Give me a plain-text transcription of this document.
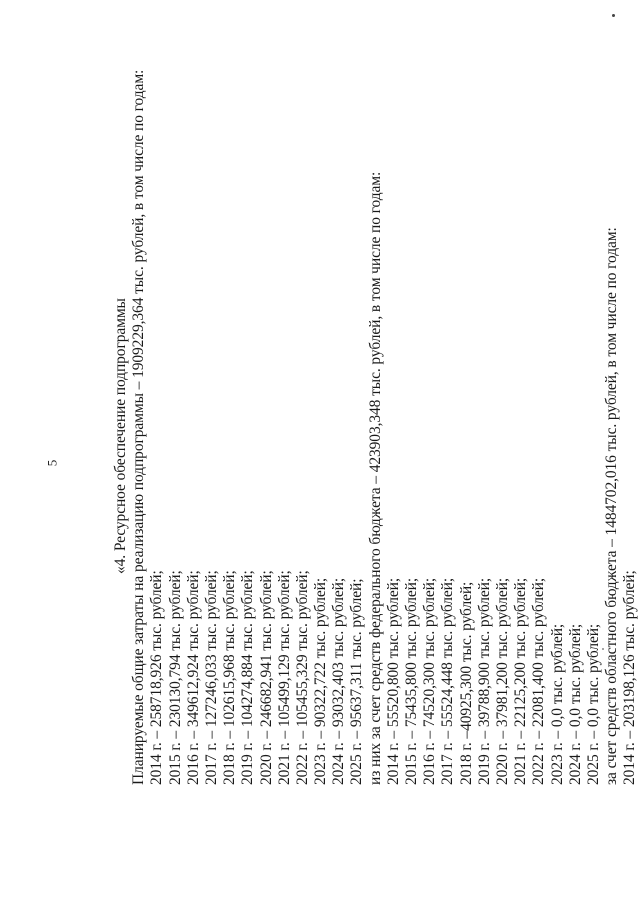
5	«4. Ресурсное обеспечение подпрограммы Планируемые общие затраты на реализацию подпрограммы – 1909229,364 тыс. рублей, в том числе по годам: 2014 г. – 258718,926 тыс. рублей; 2015 г. – 230130,794 тыс. рублей; 2016 г. – 349612,924 тыс. рублей; 2017 г. – 127246,033 тыс. рублей; 2018 г. – 102615,968 тыс. рублей; 2019 г. – 104274,884 тыс. рублей; 2020 г. – 246682,941 тыс. рублей; 2021 г. – 105499,129 тыс. рублей; 2022 г. – 105455,329 тыс. рублей; 2023 г. – 90322,722 тыс. рублей; 2024 г. – 93032,403 тыс. рублей; 2025 г. – 95637,311 тыс. рублей; из них за счет средств федерального бюджета – 423903,348 тыс. рублей, в том числе по годам: 2014 г. – 55520,800 тыс. рублей; 2015 г. – 75435,800 тыс. рублей; 2016 г. – 74520,300 тыс. рублей; 2017 г. – 55524,448 тыс. рублей; 2018 г. –40925,300 тыс. рублей; 2019 г. – 39788,900 тыс. рублей; 2020 г. – 37981,200 тыс. рублей; 2021 г. – 22125,200 тыс. рублей; 2022 г. – 22081,400 тыс. рублей; 2023 г. – 0,0 тыс. рублей; 2024 г. – 0,0 тыс. рублей; 2025 г. – 0,0 тыс. рублей; за счет средств областного бюджета – 1484702,016 тыс. рублей, в том числе по годам: 2014 г. – 203198,126 тыс. рублей;
